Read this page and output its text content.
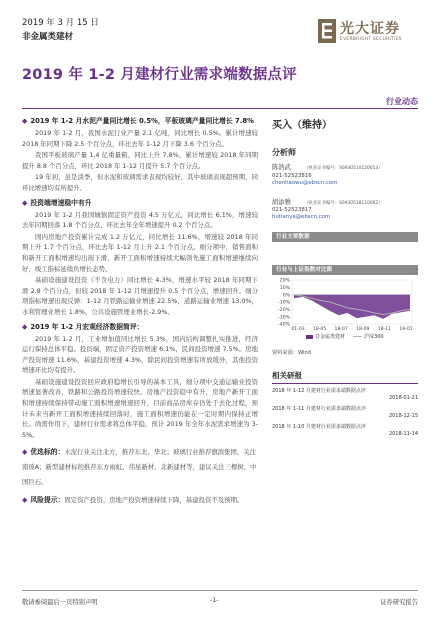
2019 年 3 月 15 日
非金属类建材	光大证券
EVERBRIGHT SECURITIES
2019 年 1-2 月建材行业需求端数据点评
行业动态
◆ 2019 年 1-2 月水泥产量同比增长 0.5%，平板玻璃产量同比增长 7.8%
2019 年 1-2 月，我国水泥行业产量 2.1 亿吨，同比增长 0.5%。累计增速较 2018 年同期下降 2.5 个百分点，环比去年 1-12 月下降 3.6 个百分点。
我国平板玻璃产量 1.4 亿重量箱，同比上升 7.8%，累计增速较 2018 年同期提升 8.8 个百分点，环比 2018 年 1-12 月提升 5.7 个百分点。
19 年初，虽是淡季，但水泥和玻璃需求表现均较好，其中玻璃表现超预期，同环比增速均有所提升。
◆ 投资端增速稳中有升
2019 年 1-2 月我国城镇固定资产投资 4.5 万亿元，同比增长 6.1%，增速较去年同期回落 1.8 个百分点，环比去年全年增速提升 0.2 个百分点。
国内房地产投资累计完成 1.2 万亿元，同比增长 11.6%，增速较 2018 年同期上升 1.7 个百分点，环比去年 1-12 月上升 2.1 个百分点。细分项中，销售面积和新开工面积增速均出现下滑，新开工面积增速持续大幅领先施工面积增速继续向好，竣工指标延续负增长态势。
基础设施建设投资（不含电力）同比增长 4.3%，增速水平较 2018 年同期下滑 2.8 个百分点，但较 2018 年 1-12 月增速提升 0.5 个百分点，增速回升。细分项指标增速出现反弹：1-12 月铁路运输业增速 22.5%，道路运输业增速 13.0%，水利管理业增长 1.8%，公共设施管理业增长-2.9%。
◆ 2019 年 1-2 月宏观经济数据简评：
2019 年 1-2 月，工业增加值同比增长 5.3%，国内结构调整扎实推进，经济运行保持总体平稳。投资端，固定资产投资增速 6.1%，民间投资增速 7.5%。房地产投资增速 11.6%，基建投资增速 4.3%，除民间投资增速有所放缓外，其他投资增速环比均有提升。
基础设施建设投资回应政府稳增长引导的基本工具，细分项中交通运输业投资增速显著改善，铁路和公路投资增速较快。房地产投资稳中有升，房地产新开工面积增速持续保持带动施工面积增速增速回升，目前商品房库存仍处于去化过程，预计未来当新开工面积增速持续回落时，施工面积增速仍能在一定时期内保持正增长。尚需作用下，建材行业需求将总体平稳，预计 2019 年全年水泥需求增速为 3-5%。
◆ 优选标的：水泥行业关注北方，推荐东北、华北；玻璃行业推荐旗滨集团，关注南玻A；新型建材标的推荐东方雨虹、伟星新材、北新建材等，建议关注三棵树、中国巨石。
◆ 风险提示：固定资产投资、房地产投资增速持续下降，基建投资不及预期。
买入（维持）
分析师
陈浩武	（执业证书编号：S0930510120013）
021-52523816
chenhaowu@ebscn.com
胡添雅	（执业证书编号：S0930518110002）
021-52523817
hutianya@ebscn.com
行业主要数据
行业与上证指数对比图
20%
10%
0%
-10%
-20%
-30%
-40%
01-03 18-05 18-07 18-09 18-11 19-01
非金属类建材	沪深300
资料来源：Wind
相关研报
2018 年 1-12 月建材行业需求端数据点评
2018-01-21
2018 年 1-11 月建材行业需求端数据点评
2018-12-15
2018 年 1-10 月建材行业需求端数据点评
2018-11-14
敬请参阅最后一页特别声明	-1-	证券研究报告
